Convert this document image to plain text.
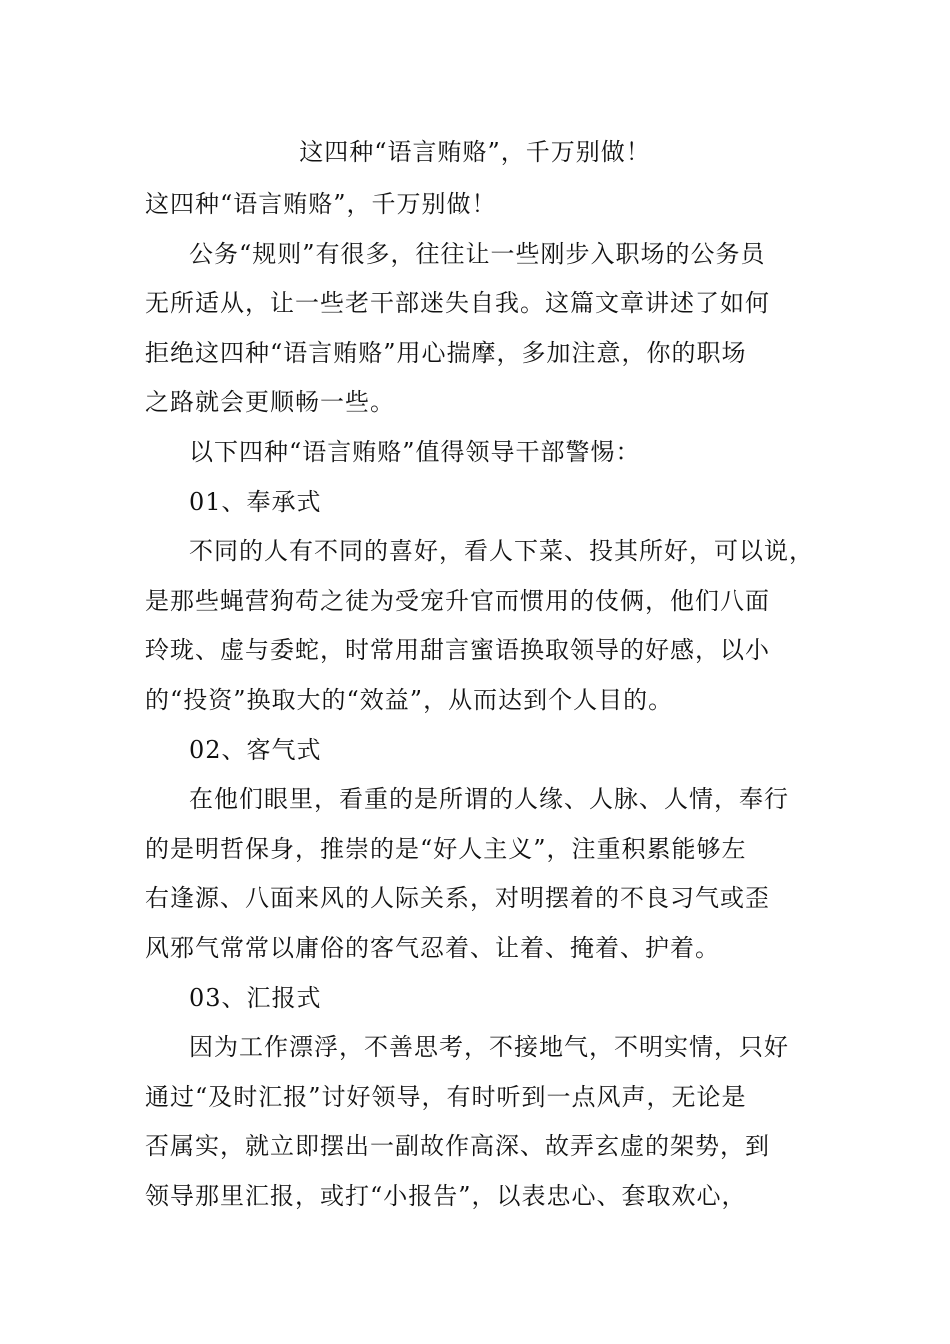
这四种“语言贿赂”，千万别做！
这四种“语言贿赂”，千万别做！
公务“规则”有很多，往往让一些刚步入职场的公务员
无所适从，让一些老干部迷失自我。这篇文章讲述了如何
拒绝这四种“语言贿赂”用心揣摩，多加注意，你的职场
之路就会更顺畅一些。
以下四种“语言贿赂”值得领导干部警惕：
01、奉承式
不同的人有不同的喜好，看人下菜、投其所好，可以说，
是那些蝇营狗苟之徒为受宠升官而惯用的伎俩，他们八面
玲珑、虚与委蛇，时常用甜言蜜语换取领导的好感，以小
的“投资”换取大的“效益”，从而达到个人目的。
02、客气式
在他们眼里，看重的是所谓的人缘、人脉、人情，奉行
的是明哲保身，推崇的是“好人主义”，注重积累能够左
右逢源、八面来风的人际关系，对明摆着的不良习气或歪
风邪气常常以庸俗的客气忍着、让着、掩着、护着。
03、汇报式
因为工作漂浮，不善思考，不接地气，不明实情，只好
通过“及时汇报”讨好领导，有时听到一点风声，无论是
否属实，就立即摆出一副故作高深、故弄玄虚的架势，到
领导那里汇报，或打“小报告”，以表忠心、套取欢心，
